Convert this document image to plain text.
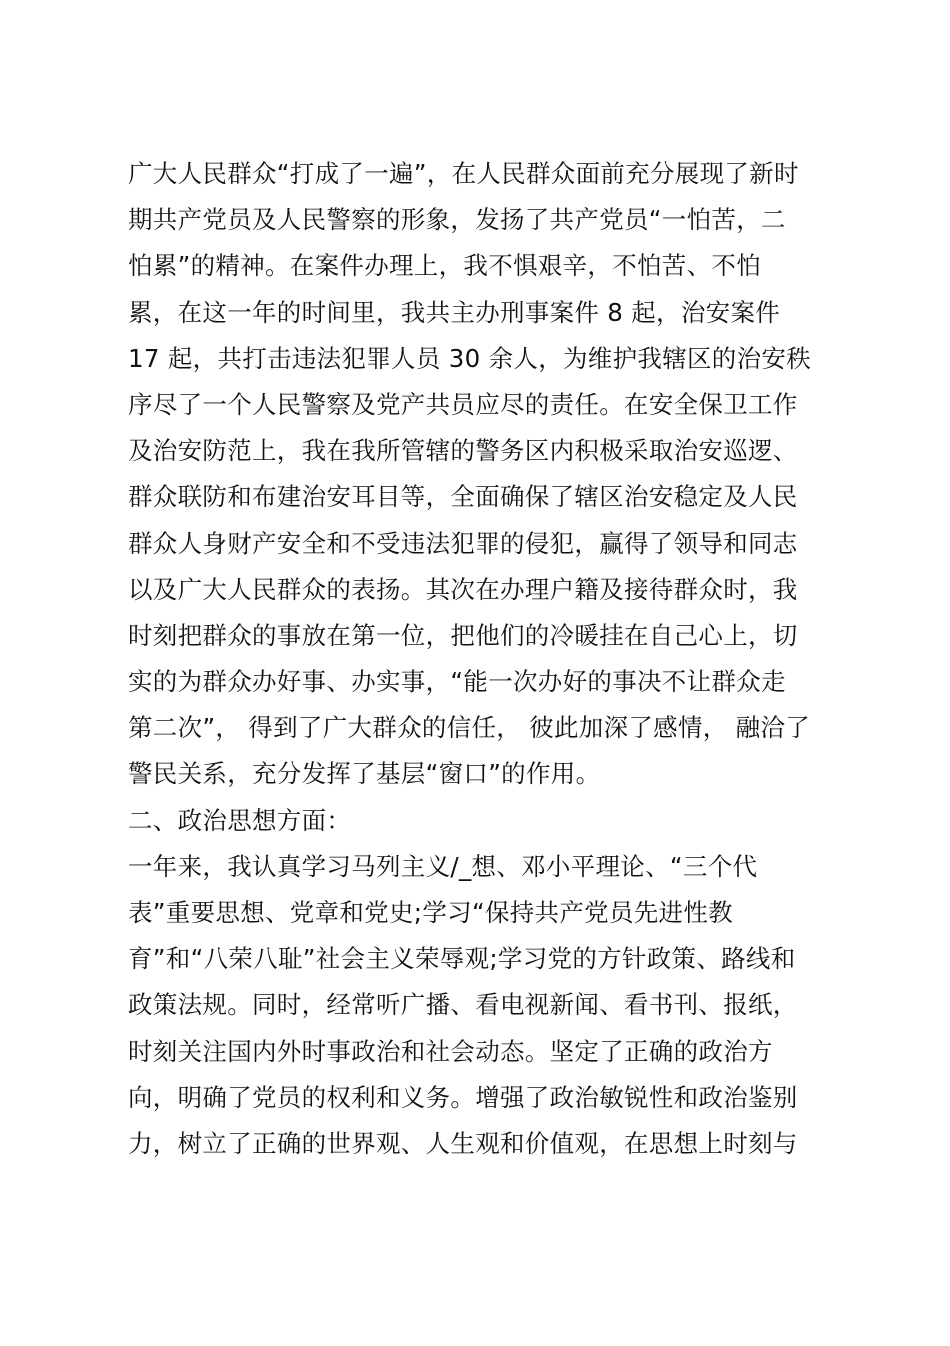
广大人民群众“打成了一遍”，在人民群众面前充分展现了新时
期共产党员及人民警察的形象，发扬了共产党员“一怕苦，二
怕累”的精神。在案件办理上，我不惧艰辛，不怕苦、不怕
累，在这一年的时间里，我共主办刑事案件 8 起，治安案件
17 起，共打击违法犯罪人员 30 余人，为维护我辖区的治安秩
序尽了一个人民警察及党产共员应尽的责任。在安全保卫工作
及治安防范上，我在我所管辖的警务区内积极采取治安巡逻、
群众联防和布建治安耳目等，全面确保了辖区治安稳定及人民
群众人身财产安全和不受违法犯罪的侵犯，赢得了领导和同志
以及广大人民群众的表扬。其次在办理户籍及接待群众时，我
时刻把群众的事放在第一位，把他们的冷暖挂在自己心上，切
实的为群众办好事、办实事，“能一次办好的事决不让群众走
第二次”， 得到了广大群众的信任， 彼此加深了感情， 融洽了
警民关系，充分发挥了基层“窗口”的作用。
二、政治思想方面：
一年来，我认真学习马列主义/_想、邓小平理论、“三个代
表”重要思想、党章和党史;学习“保持共产党员先进性教
育”和“八荣八耻”社会主义荣辱观;学习党的方针政策、路线和
政策法规。同时，经常听广播、看电视新闻、看书刊、报纸，
时刻关注国内外时事政治和社会动态。坚定了正确的政治方
向，明确了党员的权利和义务。增强了政治敏锐性和政治鉴别
力，树立了正确的世界观、人生观和价值观，在思想上时刻与
